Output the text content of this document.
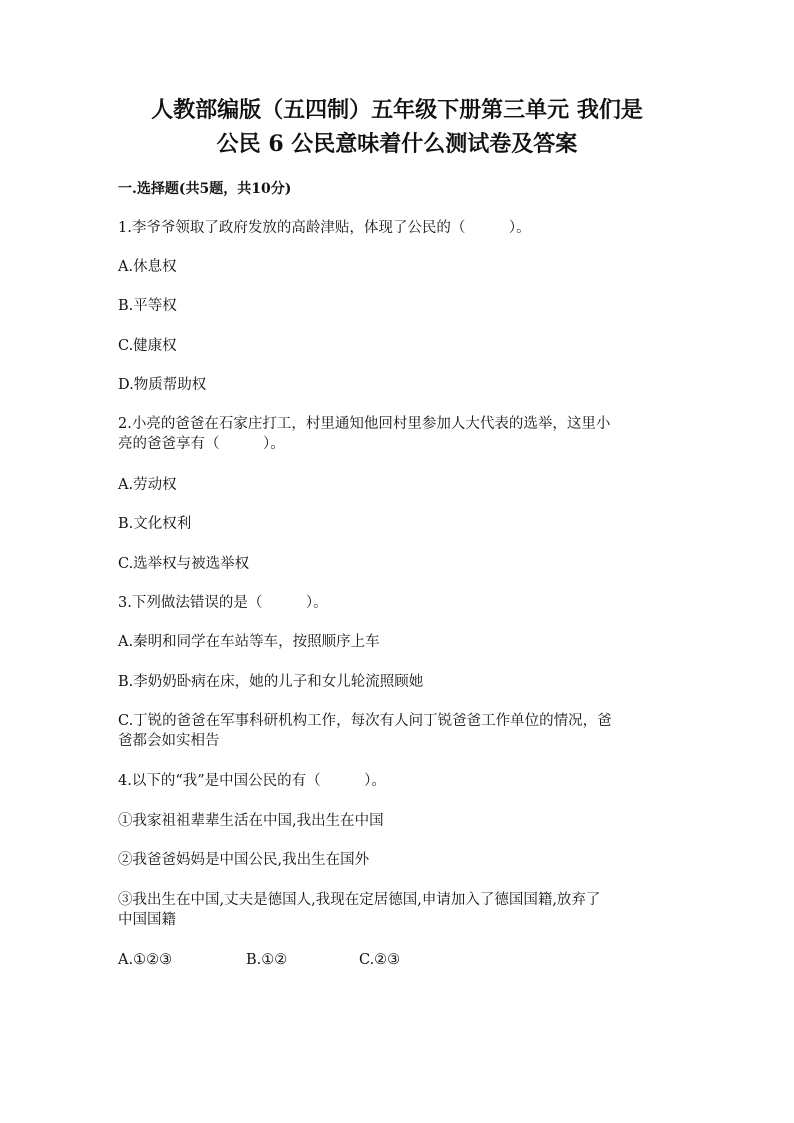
人教部编版（五四制）五年级下册第三单元 我们是
公民 6 公民意味着什么测试卷及答案
一.选择题(共5题，共10分)
1.李爷爷领取了政府发放的高龄津贴，体现了公民的（　　　）。
A.休息权
B.平等权
C.健康权
D.物质帮助权
2.小亮的爸爸在石家庄打工，村里通知他回村里参加人大代表的选举，这里小
亮的爸爸享有（　　　）。
A.劳动权
B.文化权利
C.选举权与被选举权
3.下列做法错误的是（　　　）。
A.秦明和同学在车站等车，按照顺序上车
B.李奶奶卧病在床，她的儿子和女儿轮流照顾她
C.丁锐的爸爸在军事科研机构工作，每次有人问丁锐爸爸工作单位的情况，爸
爸都会如实相告
4.以下的“我”是中国公民的有（　　　）。
①我家祖祖辈辈生活在中国,我出生在中国
②我爸爸妈妈是中国公民,我出生在国外
③我出生在中国,丈夫是德国人,我现在定居德国,申请加入了德国国籍,放弃了
中国国籍
A.①②③	B.①②	C.②③
